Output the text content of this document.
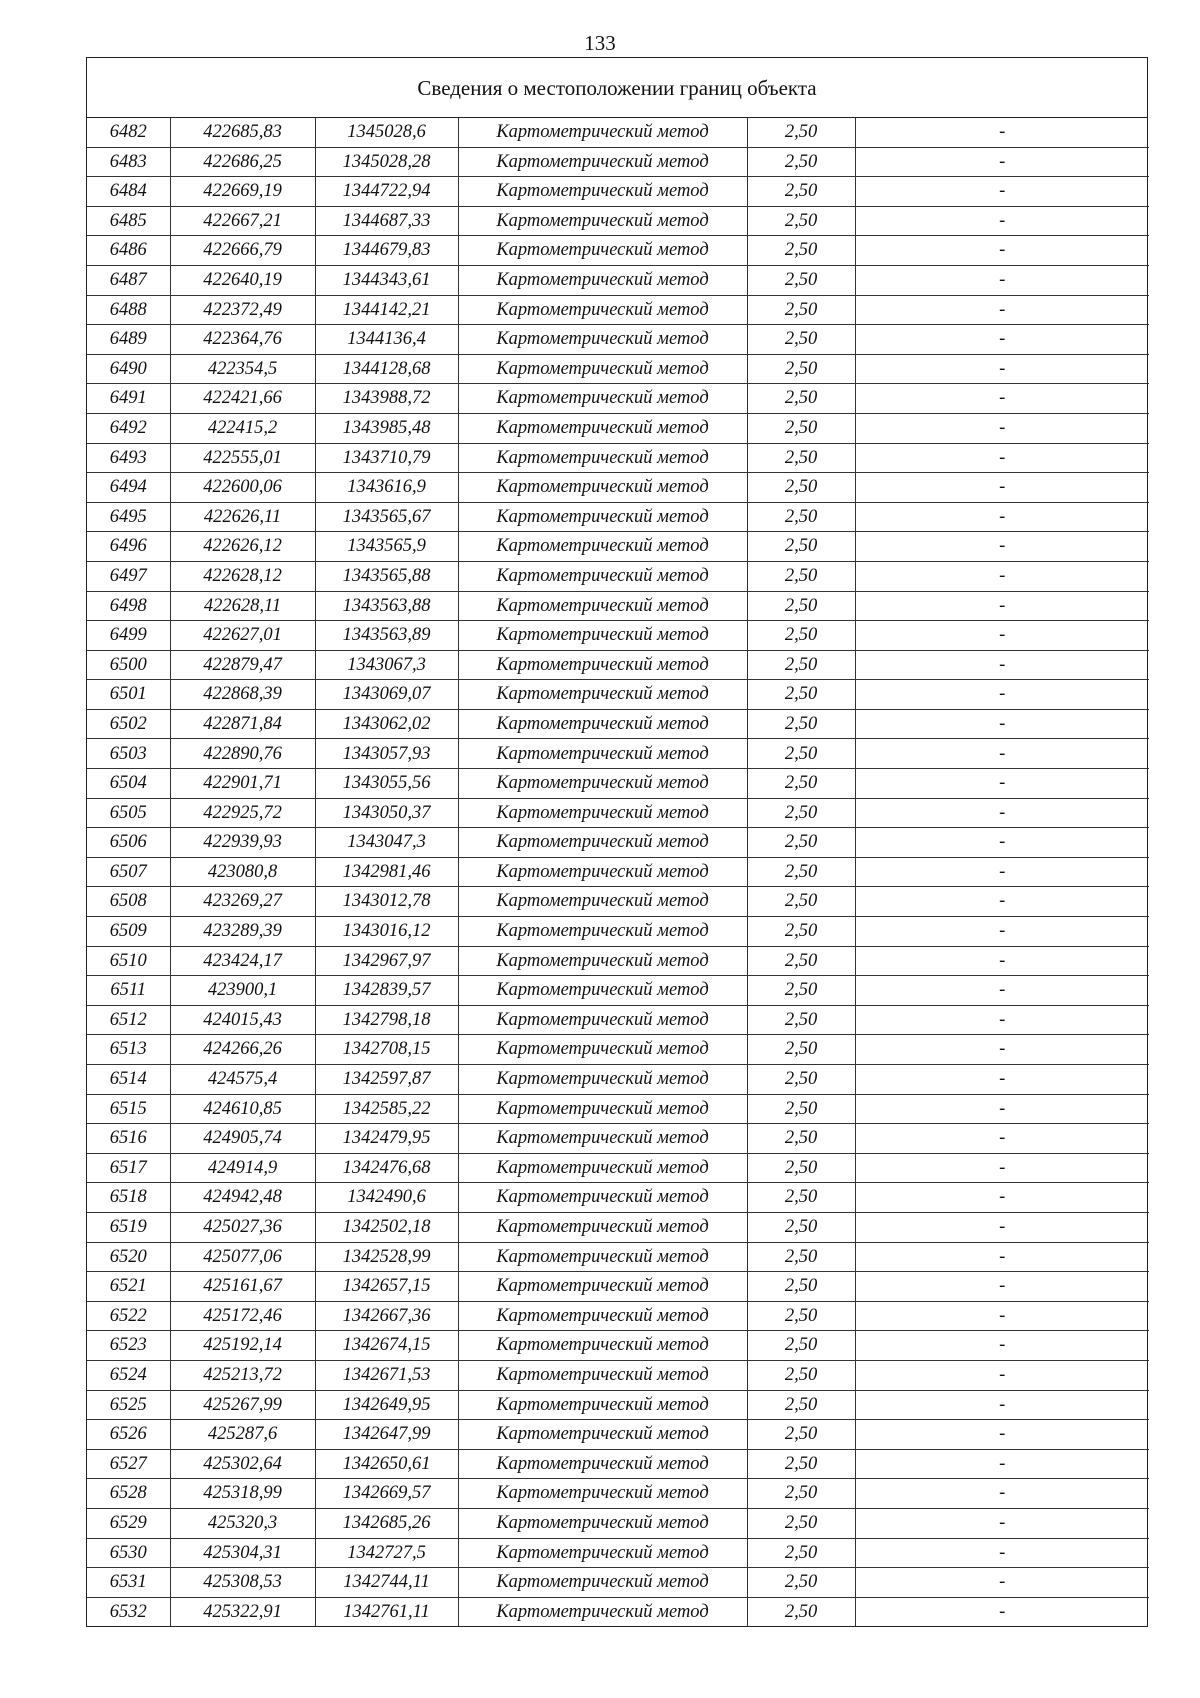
133
Сведения о местоположении границ объекта
6482	422685,83	1345028,6	Картометрический метод	2,50	-
6483	422686,25	1345028,28	Картометрический метод	2,50	-
6484	422669,19	1344722,94	Картометрический метод	2,50	-
6485	422667,21	1344687,33	Картометрический метод	2,50	-
6486	422666,79	1344679,83	Картометрический метод	2,50	-
6487	422640,19	1344343,61	Картометрический метод	2,50	-
6488	422372,49	1344142,21	Картометрический метод	2,50	-
6489	422364,76	1344136,4	Картометрический метод	2,50	-
6490	422354,5	1344128,68	Картометрический метод	2,50	-
6491	422421,66	1343988,72	Картометрический метод	2,50	-
6492	422415,2	1343985,48	Картометрический метод	2,50	-
6493	422555,01	1343710,79	Картометрический метод	2,50	-
6494	422600,06	1343616,9	Картометрический метод	2,50	-
6495	422626,11	1343565,67	Картометрический метод	2,50	-
6496	422626,12	1343565,9	Картометрический метод	2,50	-
6497	422628,12	1343565,88	Картометрический метод	2,50	-
6498	422628,11	1343563,88	Картометрический метод	2,50	-
6499	422627,01	1343563,89	Картометрический метод	2,50	-
6500	422879,47	1343067,3	Картометрический метод	2,50	-
6501	422868,39	1343069,07	Картометрический метод	2,50	-
6502	422871,84	1343062,02	Картометрический метод	2,50	-
6503	422890,76	1343057,93	Картометрический метод	2,50	-
6504	422901,71	1343055,56	Картометрический метод	2,50	-
6505	422925,72	1343050,37	Картометрический метод	2,50	-
6506	422939,93	1343047,3	Картометрический метод	2,50	-
6507	423080,8	1342981,46	Картометрический метод	2,50	-
6508	423269,27	1343012,78	Картометрический метод	2,50	-
6509	423289,39	1343016,12	Картометрический метод	2,50	-
6510	423424,17	1342967,97	Картометрический метод	2,50	-
6511	423900,1	1342839,57	Картометрический метод	2,50	-
6512	424015,43	1342798,18	Картометрический метод	2,50	-
6513	424266,26	1342708,15	Картометрический метод	2,50	-
6514	424575,4	1342597,87	Картометрический метод	2,50	-
6515	424610,85	1342585,22	Картометрический метод	2,50	-
6516	424905,74	1342479,95	Картометрический метод	2,50	-
6517	424914,9	1342476,68	Картометрический метод	2,50	-
6518	424942,48	1342490,6	Картометрический метод	2,50	-
6519	425027,36	1342502,18	Картометрический метод	2,50	-
6520	425077,06	1342528,99	Картометрический метод	2,50	-
6521	425161,67	1342657,15	Картометрический метод	2,50	-
6522	425172,46	1342667,36	Картометрический метод	2,50	-
6523	425192,14	1342674,15	Картометрический метод	2,50	-
6524	425213,72	1342671,53	Картометрический метод	2,50	-
6525	425267,99	1342649,95	Картометрический метод	2,50	-
6526	425287,6	1342647,99	Картометрический метод	2,50	-
6527	425302,64	1342650,61	Картометрический метод	2,50	-
6528	425318,99	1342669,57	Картометрический метод	2,50	-
6529	425320,3	1342685,26	Картометрический метод	2,50	-
6530	425304,31	1342727,5	Картометрический метод	2,50	-
6531	425308,53	1342744,11	Картометрический метод	2,50	-
6532	425322,91	1342761,11	Картометрический метод	2,50	-
